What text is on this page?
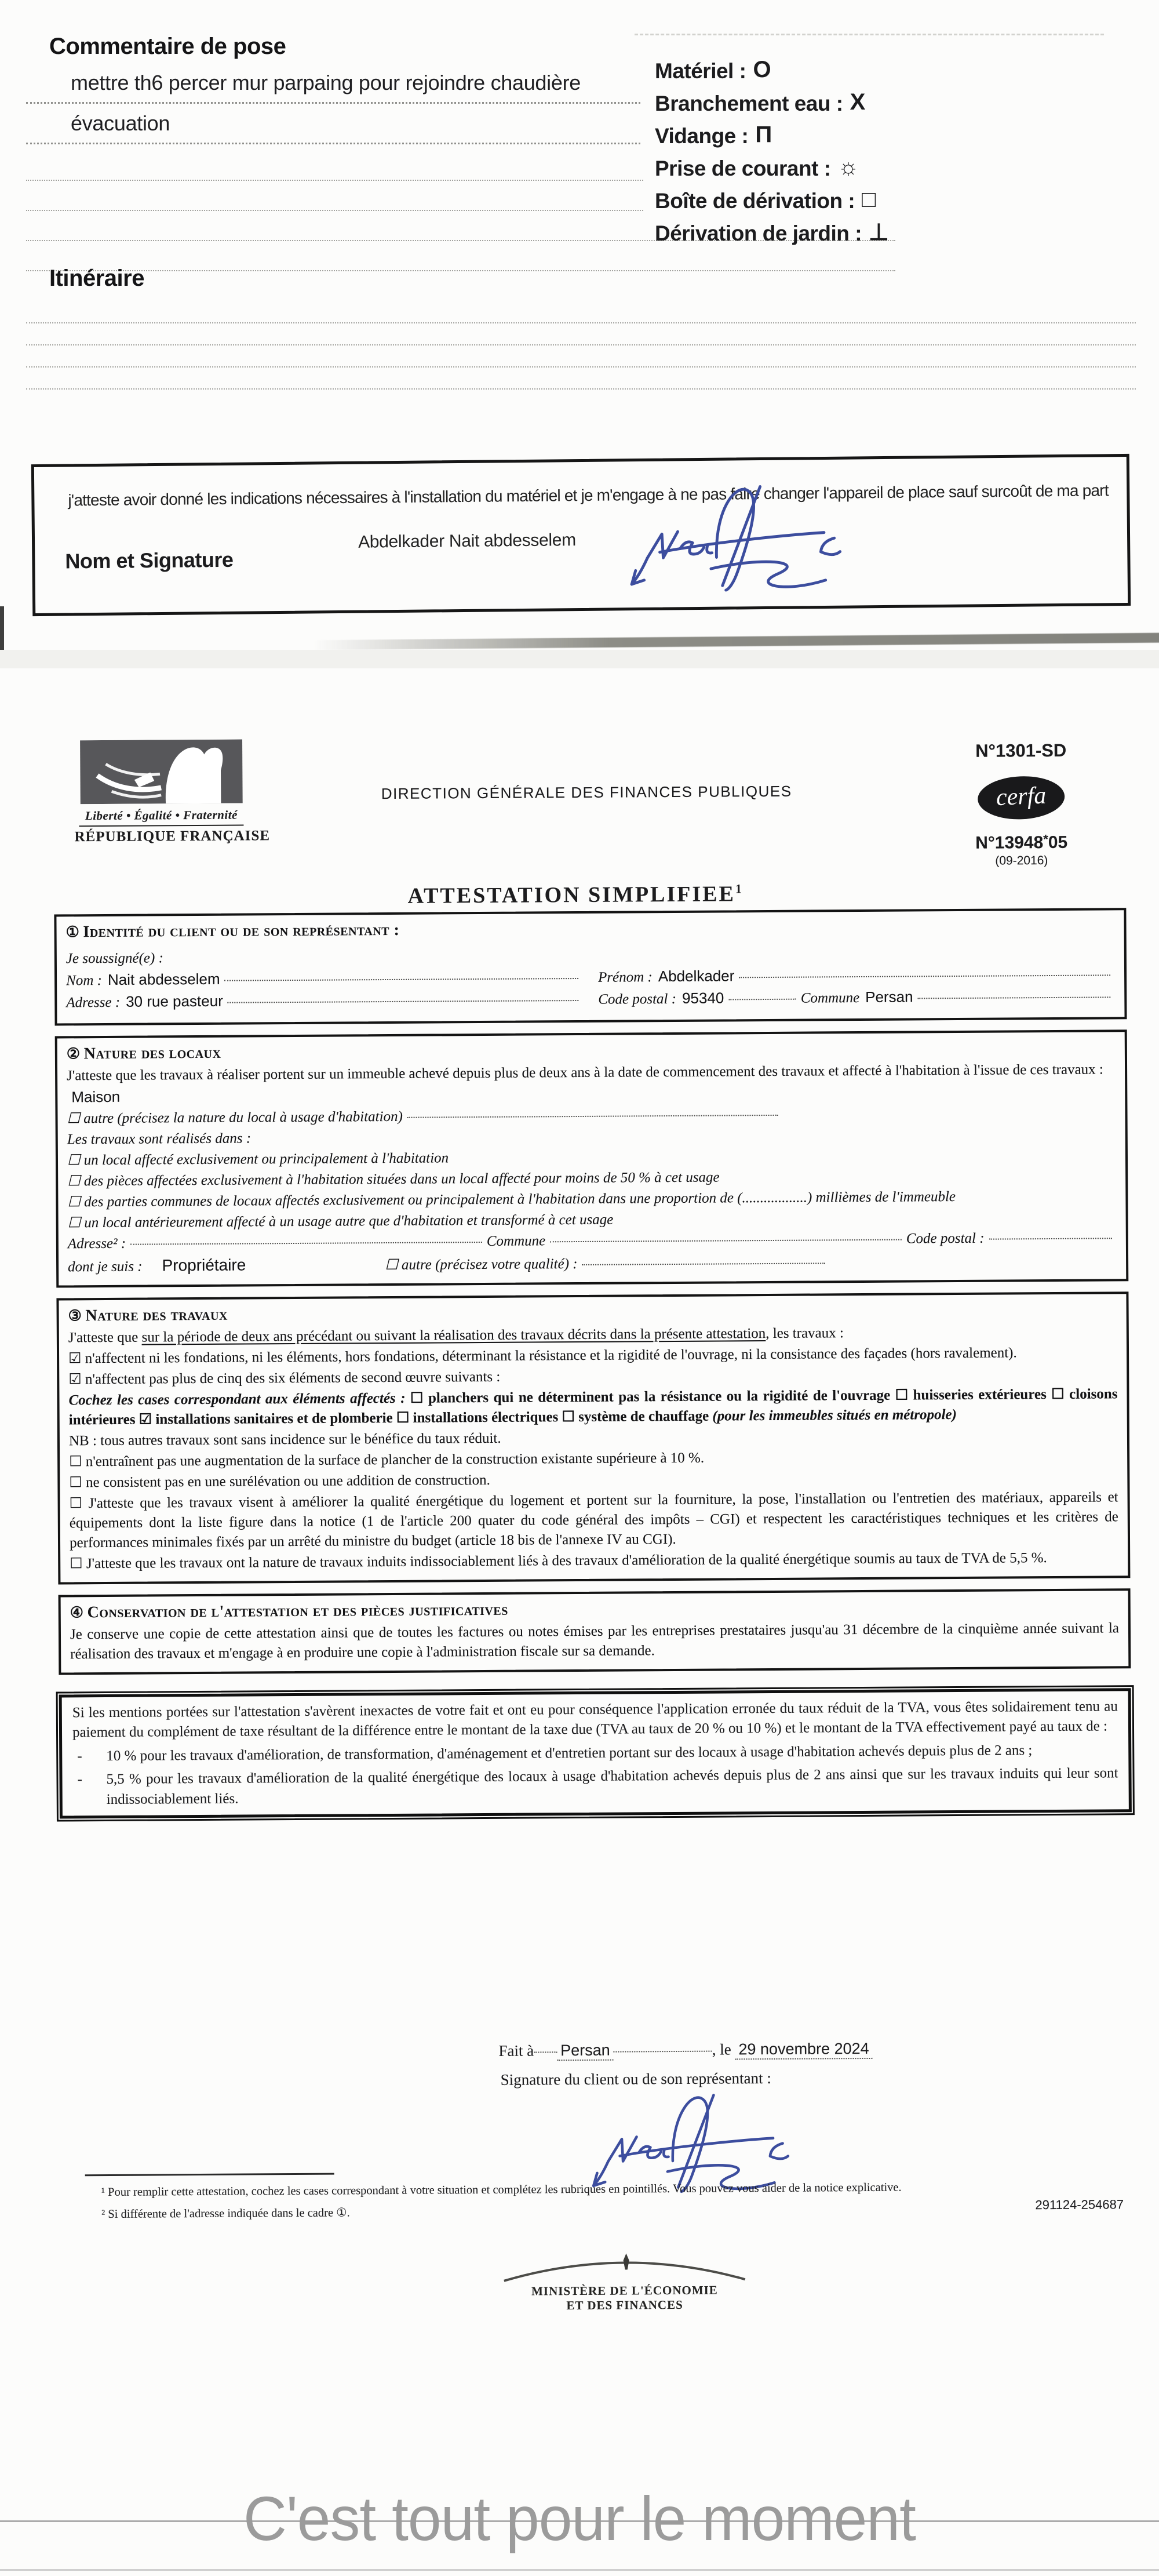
Commentaire de pose
mettre th6 percer mur parpaing pour rejoindre chaudière
évacuation
Matériel : O
Branchement eau : X
Vidange : Π
Prise de courant : ☼
Boîte de dérivation : □
Dérivation de jardin : ⊥
Itinéraire
j'atteste avoir donné les indications nécessaires à l'installation du matériel et je m'engage à ne pas faire changer l'appareil de place sauf surcoût de ma part
Nom et Signature
Abdelkader Nait abdesselem
Liberté • Égalité • Fraternité
RÉPUBLIQUE FRANÇAISE
DIRECTION GÉNÉRALE DES FINANCES PUBLIQUES
N°1301-SD
cerfa
N°13948*05
(09-2016)
ATTESTATION SIMPLIFIEE$^1$
① Identité du client ou de son représentant :

Je soussigné(e) :

Nom : Nait abdesselem	Prénom : Abdelkader
Adresse : 30 rue pasteur	Code postal : 95340	Commune Persan
② Nature des locaux

J'atteste que les travaux à réaliser portent sur un immeuble achevé depuis plus de deux ans à la date de commencement des travaux et affecté à l'habitation à l'issue de ces travaux :

Maison

☐ autre (précisez la nature du local à usage d'habitation)

Les travaux sont réalisés dans :

☐ un local affecté exclusivement ou principalement à l'habitation

☐ des pièces affectées exclusivement à l'habitation situées dans un local affecté pour moins de 50 % à cet usage

☐ des parties communes de locaux affectés exclusivement ou principalement à l'habitation dans une proportion de (..................) millièmes de l'immeuble

☐ un local antérieurement affecté à un usage autre que d'habitation et transformé à cet usage

Adresse² :	Commune	Code postal :
dont je suis : Propriétaire	☐ autre (précisez votre qualité) :
③ Nature des travaux

J'atteste que sur la période de deux ans précédant ou suivant la réalisation des travaux décrits dans la présente attestation, les travaux :

☑ n'affectent ni les fondations, ni les éléments, hors fondations, déterminant la résistance et la rigidité de l'ouvrage, ni la consistance des façades (hors ravalement).

☑ n'affectent pas plus de cinq des six éléments de second œuvre suivants :

Cochez les cases correspondant aux éléments affectés : ☐ planchers qui ne déterminent pas la résistance ou la rigidité de l'ouvrage ☐ huisseries extérieures ☐ cloisons intérieures ☑ installations sanitaires et de plomberie ☐ installations électriques ☐ système de chauffage (pour les immeubles situés en métropole)

NB : tous autres travaux sont sans incidence sur le bénéfice du taux réduit.

☐ n'entraînent pas une augmentation de la surface de plancher de la construction existante supérieure à 10 %.

☐ ne consistent pas en une surélévation ou une addition de construction.

☐ J'atteste que les travaux visent à améliorer la qualité énergétique du logement et portent sur la fourniture, la pose, l'installation ou l'entretien des matériaux, appareils et équipements dont la liste figure dans la notice (1 de l'article 200 quater du code général des impôts – CGI) et respectent les caractéristiques techniques et les critères de performances minimales fixés par un arrêté du ministre du budget (article 18 bis de l'annexe IV au CGI).

☐ J'atteste que les travaux ont la nature de travaux induits indissociablement liés à des travaux d'amélioration de la qualité énergétique soumis au taux de TVA de 5,5 %.

④ Conservation de l'attestation et des pièces justificatives

Je conserve une copie de cette attestation ainsi que de toutes les factures ou notes émises par les entreprises prestataires jusqu'au 31 décembre de la cinquième année suivant la réalisation des travaux et m'engage à en produire une copie à l'administration fiscale sur sa demande.

Si les mentions portées sur l'attestation s'avèrent inexactes de votre fait et ont eu pour conséquence l'application erronée du taux réduit de la TVA, vous êtes solidairement tenu au paiement du complément de taxe résultant de la différence entre le montant de la taxe due (TVA au taux de 20 % ou 10 %) et le montant de la TVA effectivement payé au taux de :

-	10 % pour les travaux d'amélioration, de transformation, d'aménagement et d'entretien portant sur des locaux à usage d'habitation achevés depuis plus de 2 ans ;
-	5,5 % pour les travaux d'amélioration de la qualité énergétique des locaux à usage d'habitation achevés depuis plus de 2 ans ainsi que sur les travaux induits qui leur sont indissociablement liés.
Fait à Persan	, le
29 novembre 2024
Signature du client ou de son représentant :
¹ Pour remplir cette attestation, cochez les cases correspondant à votre situation et complétez les rubriques en pointillés. Vous pouvez vous aider de la notice explicative.
² Si différente de l'adresse indiquée dans le cadre ①.
291124-254687
MINISTÈRE DE L'ÉCONOMIE
ET DES FINANCES
C'est tout pour le moment
